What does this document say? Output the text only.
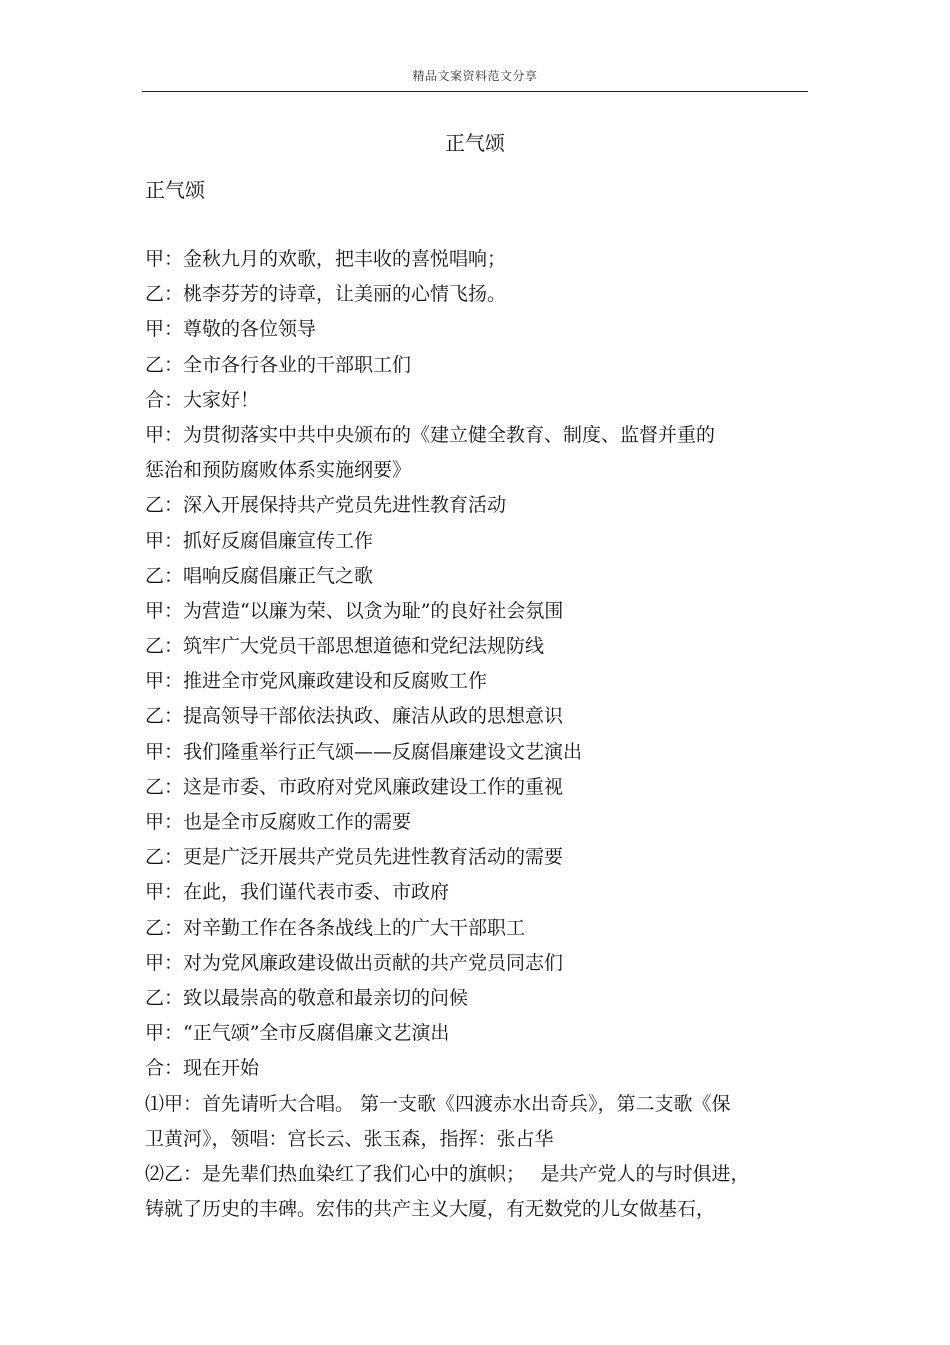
精品文案资料范文分享
正气颂
正气颂
甲：金秋九月的欢歌，把丰收的喜悦唱响；
乙：桃李芬芳的诗章，让美丽的心情飞扬。
甲：尊敬的各位领导
乙：全市各行各业的干部职工们
合：大家好！
甲：为贯彻落实中共中央颁布的《建立健全教育、制度、监督并重的
惩治和预防腐败体系实施纲要》
乙：深入开展保持共产党员先进性教育活动
甲：抓好反腐倡廉宣传工作
乙：唱响反腐倡廉正气之歌
甲：为营造“以廉为荣、以贪为耻”的良好社会氛围
乙：筑牢广大党员干部思想道德和党纪法规防线
甲：推进全市党风廉政建设和反腐败工作
乙：提高领导干部依法执政、廉洁从政的思想意识
甲：我们隆重举行正气颂——反腐倡廉建设文艺演出
乙：这是市委、市政府对党风廉政建设工作的重视
甲：也是全市反腐败工作的需要
乙：更是广泛开展共产党员先进性教育活动的需要
甲：在此，我们谨代表市委、市政府
乙：对辛勤工作在各条战线上的广大干部职工
甲：对为党风廉政建设做出贡献的共产党员同志们
乙：致以最崇高的敬意和最亲切的问候
甲：“正气颂”全市反腐倡廉文艺演出
合：现在开始
⑴甲：首先请听大合唱。 第一支歌《四渡赤水出奇兵》，第二支歌《保
卫黄河》，领唱：宫长云、张玉森，指挥：张占华
⑵乙：是先辈们热血染红了我们心中的旗帜；　 是共产党人的与时俱进，
铸就了历史的丰碑。宏伟的共产主义大厦，有无数党的儿女做基石，
